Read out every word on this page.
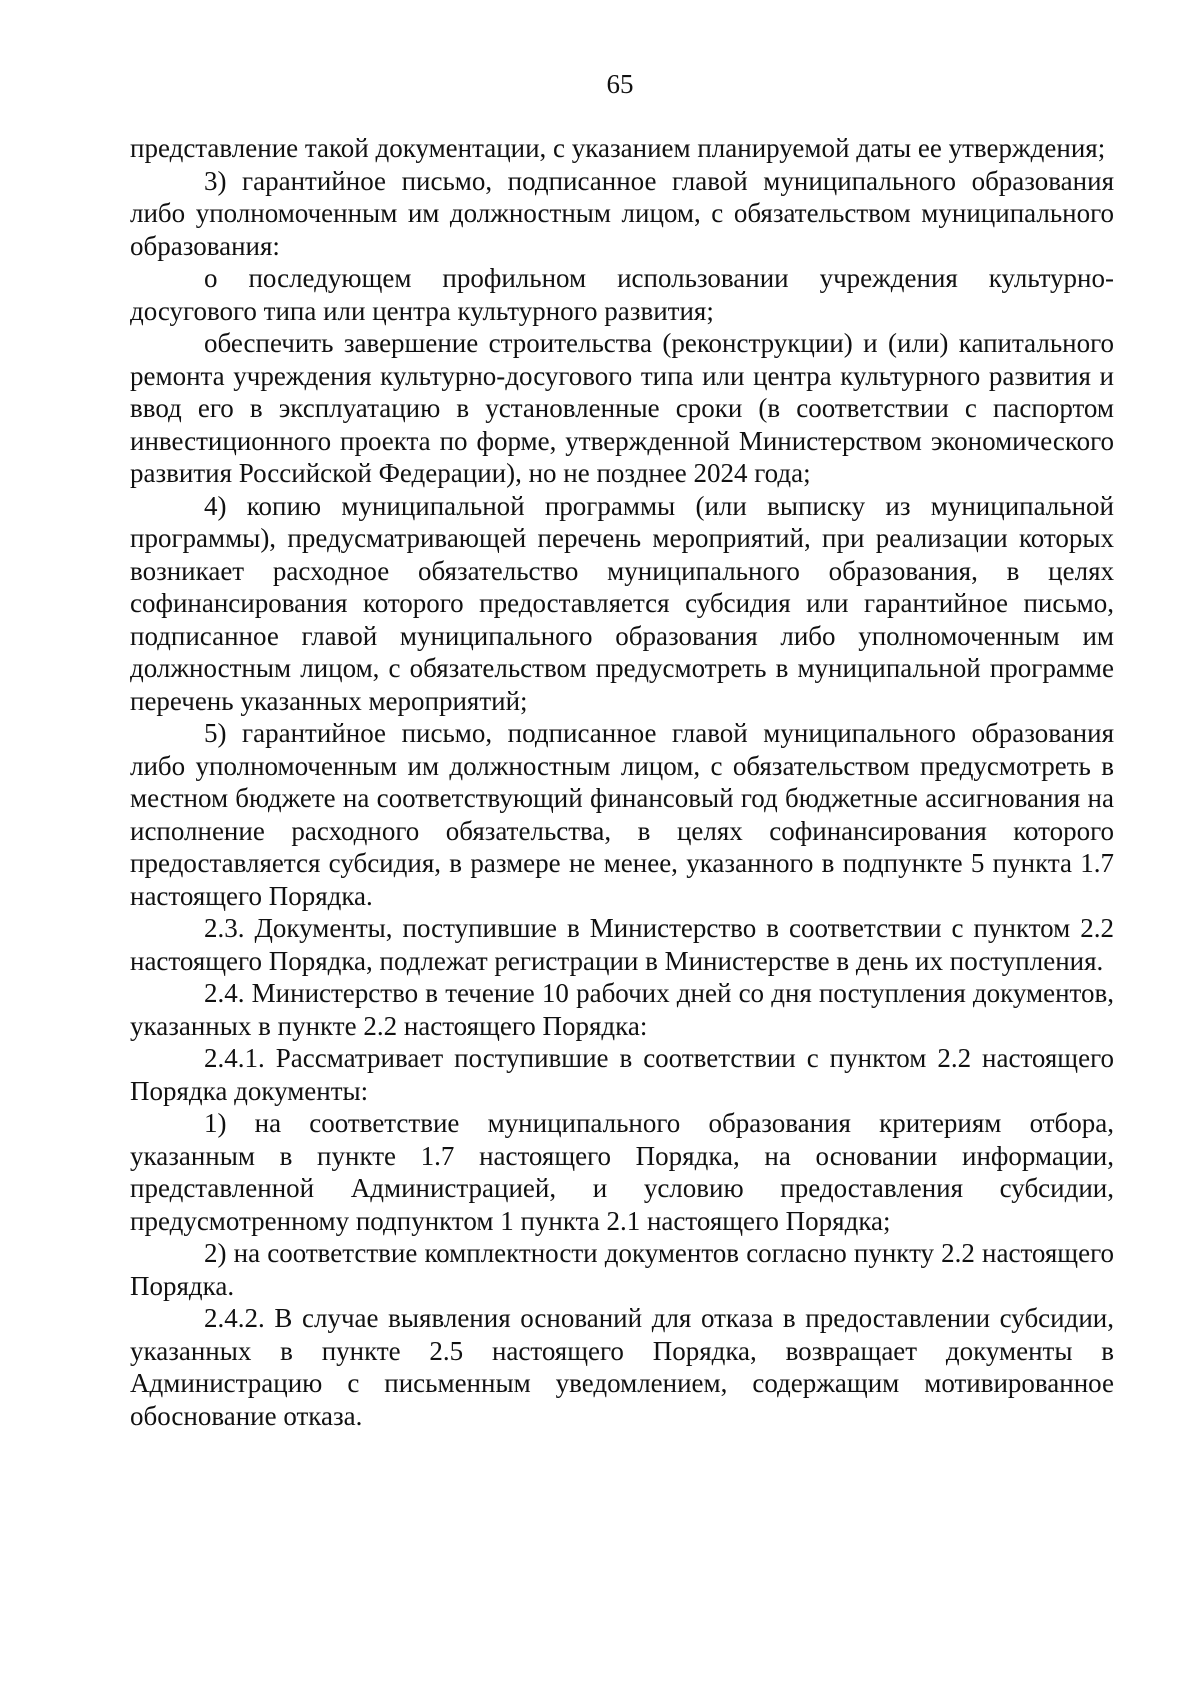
65

представление такой документации, с указанием планируемой даты ее утверждения;

3) гарантийное письмо, подписанное главой муниципального образования либо уполномоченным им должностным лицом, с обязательством муниципального образования:

о последующем профильном использовании учреждения культурно-досугового типа или центра культурного развития;

обеспечить завершение строительства (реконструкции) и (или) капитального ремонта учреждения культурно-досугового типа или центра культурного развития и ввод его в эксплуатацию в установленные сроки (в соответствии с паспортом инвестиционного проекта по форме, утвержденной Министерством экономического развития Российской Федерации), но не позднее 2024 года;

4) копию муниципальной программы (или выписку из муниципальной программы), предусматривающей перечень мероприятий, при реализации которых возникает расходное обязательство муниципального образования, в целях софинансирования которого предоставляется субсидия или гарантийное письмо, подписанное главой муниципального образования либо уполномоченным им должностным лицом, с обязательством предусмотреть в муниципальной программе перечень указанных мероприятий;

5) гарантийное письмо, подписанное главой муниципального образования либо уполномоченным им должностным лицом, с обязательством предусмотреть в местном бюджете на соответствующий финансовый год бюджетные ассигнования на исполнение расходного обязательства, в целях софинансирования которого предоставляется субсидия, в размере не менее, указанного в подпункте 5 пункта 1.7 настоящего Порядка.

2.3. Документы, поступившие в Министерство в соответствии с пунктом 2.2 настоящего Порядка, подлежат регистрации в Министерстве в день их поступления.

2.4. Министерство в течение 10 рабочих дней со дня поступления документов, указанных в пункте 2.2 настоящего Порядка:

2.4.1. Рассматривает поступившие в соответствии с пунктом 2.2 настоящего Порядка документы:

1) на соответствие муниципального образования критериям отбора, указанным в пункте 1.7 настоящего Порядка, на основании информации, представленной Администрацией, и условию предоставления субсидии, предусмотренному подпунктом 1 пункта 2.1 настоящего Порядка;

2) на соответствие комплектности документов согласно пункту 2.2 настоящего Порядка.

2.4.2. В случае выявления оснований для отказа в предоставлении субсидии, указанных в пункте 2.5 настоящего Порядка, возвращает документы в Администрацию с письменным уведомлением, содержащим мотивированное обоснование отказа.
